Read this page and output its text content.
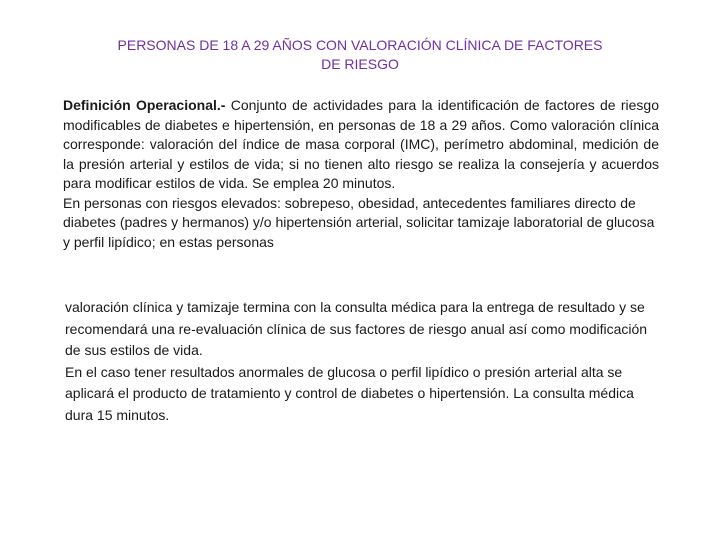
PERSONAS DE 18 A 29 AÑOS CON VALORACIÓN CLÍNICA DE FACTORES
DE RIESGO

Definición Operacional.- Conjunto de actividades para la identificación de factores de riesgo modificables de diabetes e hipertensión, en personas de 18 a 29 años. Como valoración clínica corresponde: valoración del índice de masa corporal (IMC), perímetro abdominal, medición de la presión arterial y estilos de vida; si no tienen alto riesgo se realiza la consejería y acuerdos para modificar estilos de vida. Se emplea 20 minutos.

En personas con riesgos elevados: sobrepeso, obesidad, antecedentes familiares directo de diabetes (padres y hermanos) y/o hipertensión arterial, solicitar tamizaje laboratorial de glucosa y perfil lipídico; en estas personas

valoración clínica y tamizaje termina con la consulta médica para la entrega de resultado y se recomendará una re-evaluación clínica de sus factores de riesgo anual así como modificación de sus estilos de vida.

En el caso tener resultados anormales de glucosa o perfil lipídico o presión arterial alta se aplicará el producto de tratamiento y control de diabetes o hipertensión. La consulta médica dura 15 minutos.
